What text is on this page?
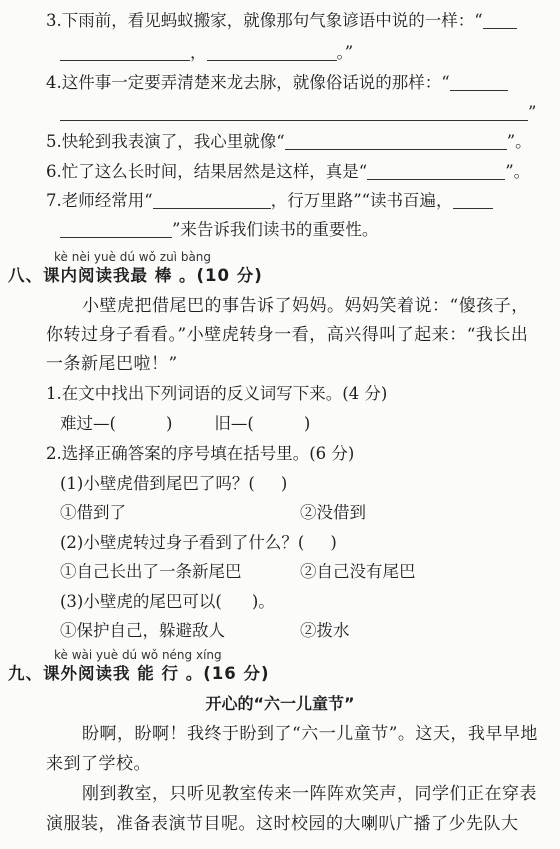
3.下雨前，看见蚂蚁搬家，就像那句气象谚语中说的一样：“
，	。”
4.这件事一定要弄清楚来龙去脉，就像俗话说的那样：“
”
5.快轮到我表演了，我心里就像“	”。
6.忙了这么长时间，结果居然是这样，真是“	”。
7.老师经常用“	，行万里路”“读书百遍，
”来告诉我们读书的重要性。
kè nèi yuè dú wǒ zuì bàng
八、课内阅读我最 棒 。(10 分)
小壁虎把借尾巴的事告诉了妈妈。妈妈笑着说：“傻孩子，
你转过身子看看。”小壁虎转身一看，高兴得叫了起来：“我长出
一条新尾巴啦！”
1.在文中找出下列词语的反义词写下来。(4 分)
难过—(	)	旧—(	)
2.选择正确答案的序号填在括号里。(6 分)
(1)小壁虎借到尾巴了吗？( )
①借到了	②没借到
(2)小壁虎转过身子看到了什么？( )
①自己长出了一条新尾巴	②自己没有尾巴
(3)小壁虎的尾巴可以( )。
①保护自己，躲避敌人	②拨水
kè wài yuè dú wǒ néng xíng
九、课外阅读我 能 行 。(16 分)
开心的“六一儿童节”
盼啊，盼啊！我终于盼到了“六一儿童节”。这天，我早早地
来到了学校。
刚到教室，只听见教室传来一阵阵欢笑声，同学们正在穿表
演服装，准备表演节目呢。这时校园的大喇叭广播了少先队大
